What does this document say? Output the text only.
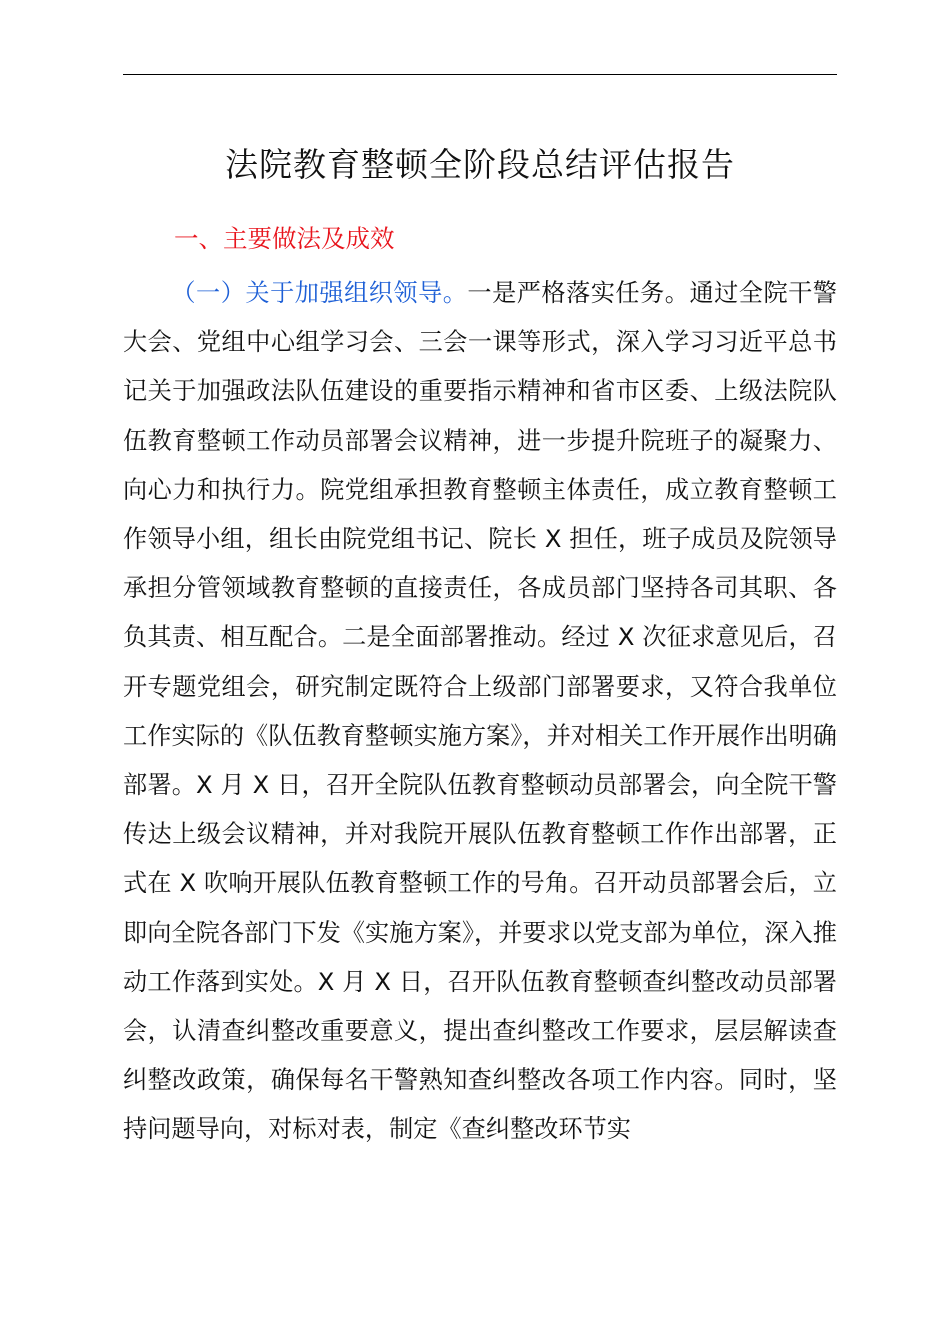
法院教育整顿全阶段总结评估报告
一、主要做法及成效

（一）关于加强组织领导。一是严格落实任务。通过全院干警大会、党组中心组学习会、三会一课等形式，深入学习习近平总书记关于加强政法队伍建设的重要指示精神和省市区委、上级法院队伍教育整顿工作动员部署会议精神，进一步提升院班子的凝聚力、向心力和执行力。院党组承担教育整顿主体责任，成立教育整顿工作领导小组，组长由院党组书记、院长 X 担任，班子成员及院领导承担分管领域教育整顿的直接责任，各成员部门坚持各司其职、各负其责、相互配合。二是全面部署推动。经过 X 次征求意见后，召开专题党组会，研究制定既符合上级部门部署要求，又符合我单位工作实际的《队伍教育整顿实施方案》，并对相关工作开展作出明确部署。X 月 X 日，召开全院队伍教育整顿动员部署会，向全院干警传达上级会议精神，并对我院开展队伍教育整顿工作作出部署，正式在 X 吹响开展队伍教育整顿工作的号角。召开动员部署会后，立即向全院各部门下发《实施方案》，并要求以党支部为单位，深入推动工作落到实处。X 月 X 日，召开队伍教育整顿查纠整改动员部署会，认清查纠整改重要意义，提出查纠整改工作要求，层层解读查纠整改政策，确保每名干警熟知查纠整改各项工作内容。同时，坚持问题导向，对标对表，制定《查纠整改环节实
